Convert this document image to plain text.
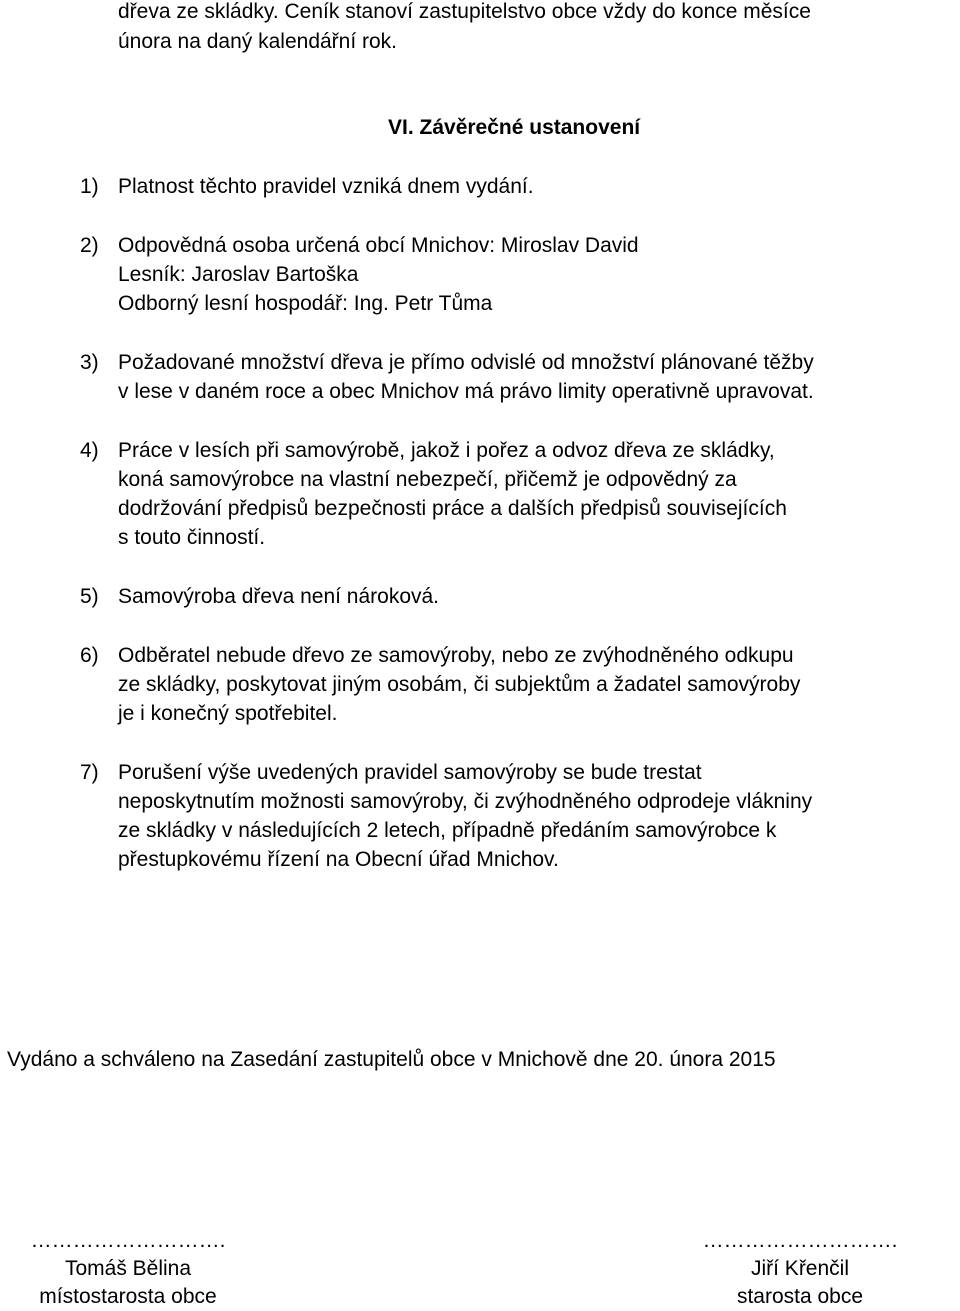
dřeva ze skládky. Ceník stanoví zastupitelstvo obce vždy do konce měsíce
února na daný kalendářní rok.
VI. Závěrečné ustanovení
1) Platnost těchto pravidel vzniká dnem vydání.
2) Odpovědná osoba určená obcí Mnichov: Miroslav David
Lesník: Jaroslav Bartoška
Odborný lesní hospodář: Ing. Petr Tůma
3) Požadované množství dřeva je přímo odvislé od množství plánované těžby
v lese v daném roce a obec Mnichov má právo limity operativně upravovat.
4) Práce v lesích při samovýrobě, jakož i pořez a odvoz dřeva ze skládky,
koná samovýrobce na vlastní nebezpečí, přičemž je odpovědný za
dodržování předpisů bezpečnosti práce a dalších předpisů souvisejících
s touto činností.
5) Samovýroba dřeva není nároková.
6) Odběratel nebude dřevo ze samovýroby, nebo ze zvýhodněného odkupu
ze skládky, poskytovat jiným osobám, či subjektům a žadatel samovýroby
je i konečný spotřebitel.
7) Porušení výše uvedených pravidel samovýroby se bude trestat
neposkytnutím možnosti samovýroby, či zvýhodněného odprodeje vlákniny
ze skládky v následujících 2 letech, případně předáním samovýrobce k
přestupkovému řízení na Obecní úřad Mnichov.
Vydáno a schváleno na Zasedání zastupitelů obce v Mnichově dne 20. února 2015
……………………….
Tomáš Bělina
místostarosta obce
……………………….
Jiří Křenčil
starosta obce
